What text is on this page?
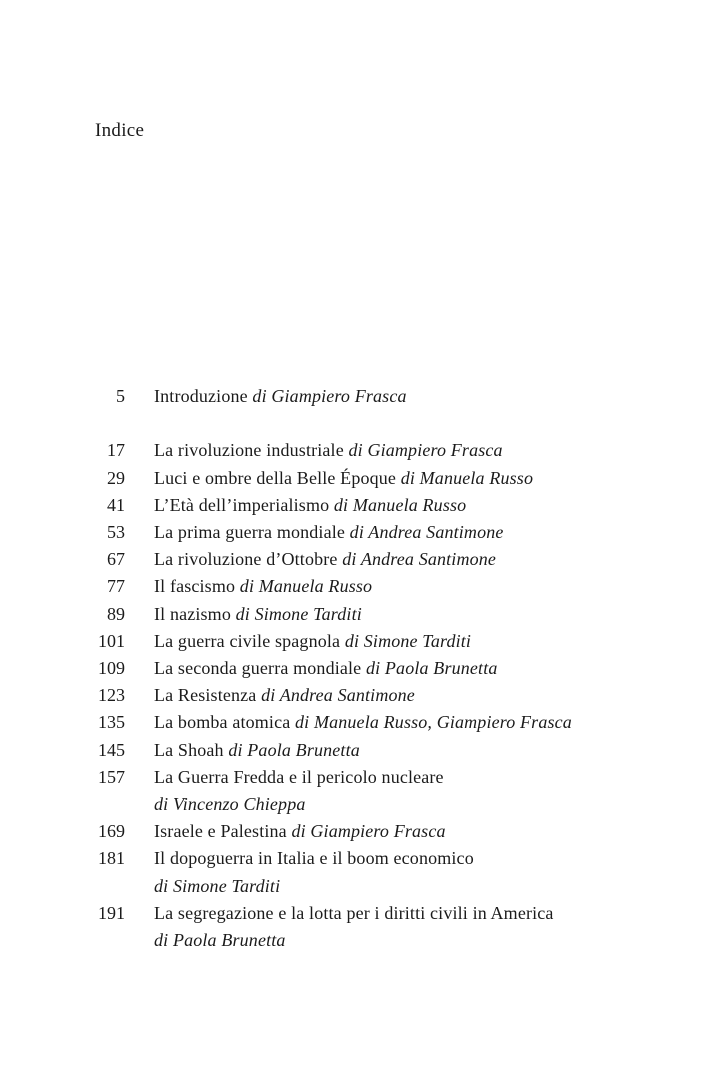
Indice
5 Introduzione di Giampiero Frasca
17 La rivoluzione industriale di Giampiero Frasca
29 Luci e ombre della Belle Époque di Manuela Russo
41 L’Età dell’imperialismo di Manuela Russo
53 La prima guerra mondiale di Andrea Santimone
67 La rivoluzione d’Ottobre di Andrea Santimone
77 Il fascismo di Manuela Russo
89 Il nazismo di Simone Tarditi
101 La guerra civile spagnola di Simone Tarditi
109 La seconda guerra mondiale di Paola Brunetta
123 La Resistenza di Andrea Santimone
135 La bomba atomica di Manuela Russo, Giampiero Frasca
145 La Shoah di Paola Brunetta
157 La Guerra Fredda e il pericolo nucleare
di Vincenzo Chieppa
169 Israele e Palestina di Giampiero Frasca
181 Il dopoguerra in Italia e il boom economico
di Simone Tarditi
191 La segregazione e la lotta per i diritti civili in America
di Paola Brunetta
